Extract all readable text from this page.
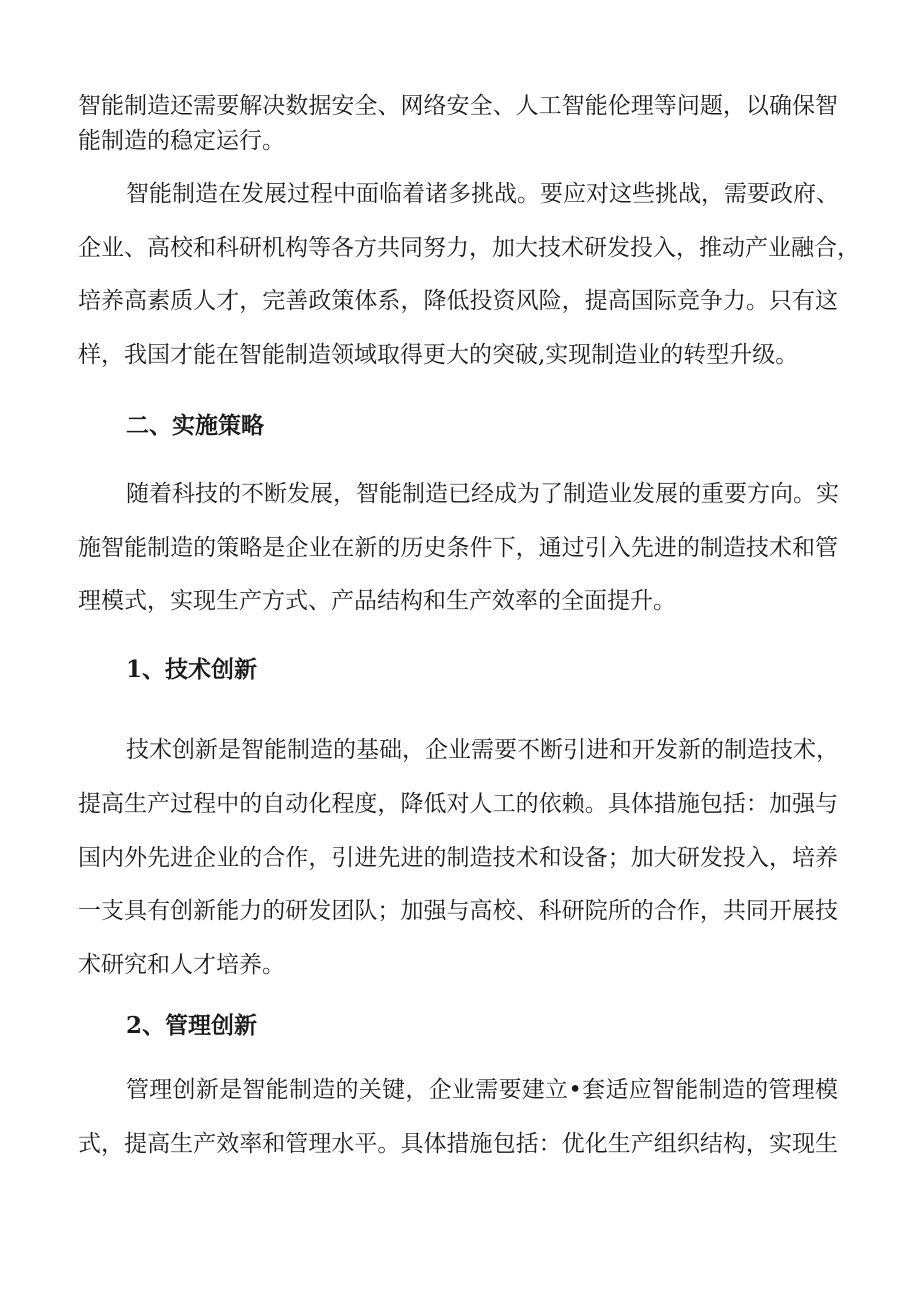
智能制造还需要解决数据安全、网络安全、人工智能伦理等问题，以确保智

能制造的稳定运行。

智能制造在发展过程中面临着诸多挑战。要应对这些挑战，需要政府、

企业、高校和科研机构等各方共同努力，加大技术研发投入，推动产业融合，

培养高素质人才，完善政策体系，降低投资风险，提高国际竞争力。只有这

样，我国才能在智能制造领域取得更大的突破,实现制造业的转型升级。

二、实施策略

随着科技的不断发展，智能制造已经成为了制造业发展的重要方向。实

施智能制造的策略是企业在新的历史条件下，通过引入先进的制造技术和管

理模式，实现生产方式、产品结构和生产效率的全面提升。

1、技术创新

技术创新是智能制造的基础，企业需要不断引进和开发新的制造技术，

提高生产过程中的自动化程度，降低对人工的依赖。具体措施包括：加强与

国内外先进企业的合作，引进先进的制造技术和设备；加大研发投入，培养

一支具有创新能力的研发团队；加强与高校、科研院所的合作，共同开展技

术研究和人才培养。

2、管理创新

管理创新是智能制造的关键，企业需要建立•套适应智能制造的管理模

式，提高生产效率和管理水平。具体措施包括：优化生产组织结构，实现生
